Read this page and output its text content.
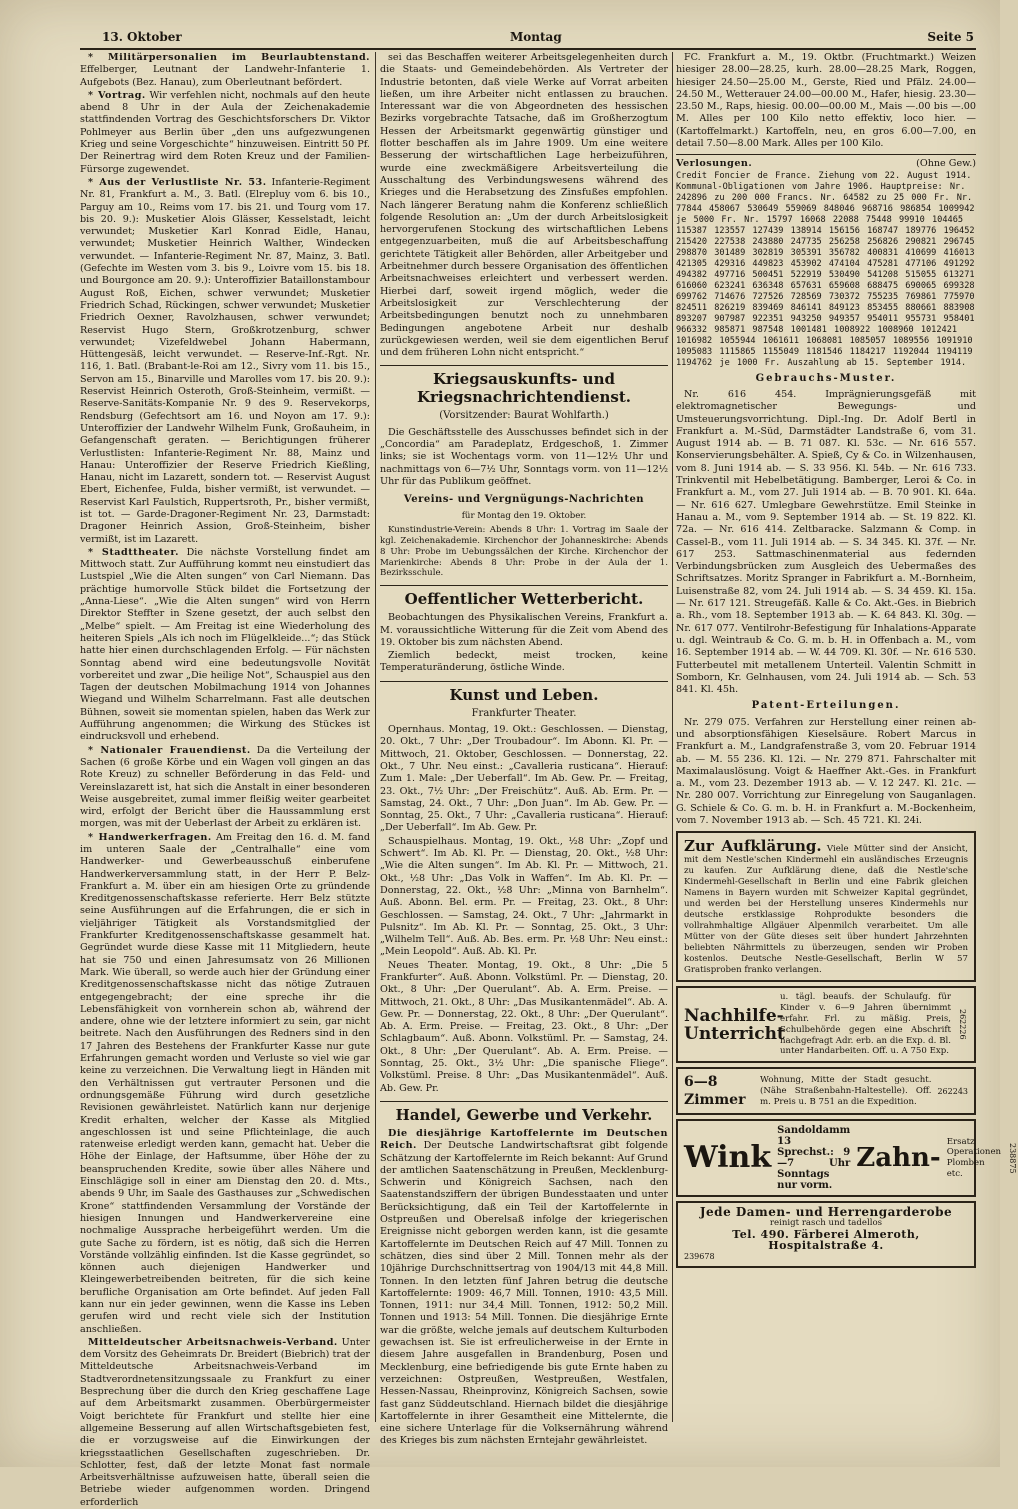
13. Oktober	Montag	Seite 5

* Militärpersonalien im Beurlaubtenstand. Effelberger, Leutnant der Landwehr-Infanterie 1. Aufgebots (Bez. Hanau), zum Oberleutnant befördert.

* Vortrag. Wir verfehlen nicht, nochmals auf den heute abend 8 Uhr in der Aula der Zeichenakademie stattfindenden Vortrag des Geschichtsforschers Dr. Viktor Pohlmeyer aus Berlin über „den uns aufgezwungenen Krieg und seine Vorgeschichte“ hinzuweisen. Eintritt 50 Pf. Der Reinertrag wird dem Roten Kreuz und der Familien-Fürsorge zugewendet.

* Aus der Verlustliste Nr. 53. Infanterie-Regiment Nr. 81, Frankfurt a. M., 3. Batl. (Elrepluy vom 6. bis 10., Parguy am 10., Reims vom 17. bis 21. und Tourg vom 17. bis 20. 9.): Musketier Alois Glässer, Kesselstadt, leicht verwundet; Musketier Karl Konrad Eidle, Hanau, verwundet; Musketier Heinrich Walther, Windecken verwundet. — Infanterie-Regiment Nr. 87, Mainz, 3. Batl. (Gefechte im Westen vom 3. bis 9., Loivre vom 15. bis 18. und Bourgonce am 20. 9.): Unteroffizier Bataillonstambour August Roß, Eichen, schwer verwundet; Musketier Friedrich Schad, Rückingen, schwer verwundet; Musketier Friedrich Oexner, Ravolzhausen, schwer verwundet; Reservist Hugo Stern, Großkrotzenburg, schwer verwundet; Vizefeldwebel Johann Habermann, Hüttengesäß, leicht verwundet. — Reserve-Inf.-Rgt. Nr. 116, 1. Batl. (Brabant-le-Roi am 12., Sivry vom 11. bis 15., Servon am 15., Binarville und Marolles vom 17. bis 20. 9.): Reservist Heinrich Osteroth, Groß-Steinheim, vermißt. — Reserve-Sanitäts-Kompanie Nr. 9 des 9. Reservekorps, Rendsburg (Gefechtsort am 16. und Noyon am 17. 9.): Unteroffizier der Landwehr Wilhelm Funk, Großauheim, in Gefangenschaft geraten. — Berichtigungen früherer Verlustlisten: Infanterie-Regiment Nr. 88, Mainz und Hanau: Unteroffizier der Reserve Friedrich Kießling, Hanau, nicht im Lazarett, sondern tot. — Reservist August Ebert, Eichenfee, Fulda, bisher vermißt, ist verwundet. — Reservist Karl Faulstich, Ruppertsroth, Pr., bisher vermißt, ist tot. — Garde-Dragoner-Regiment Nr. 23, Darmstadt: Dragoner Heinrich Assion, Groß-Steinheim, bisher vermißt, ist im Lazarett.

* Stadttheater. Die nächste Vorstellung findet am Mittwoch statt. Zur Aufführung kommt neu einstudiert das Lustspiel „Wie die Alten sungen“ von Carl Niemann. Das prächtige humorvolle Stück bildet die Fortsetzung der „Anna-Liese“. „Wie die Alten sungen“ wird von Herrn Direktor Steffter in Szene gesetzt, der auch selbst den „Melbe“ spielt. — Am Freitag ist eine Wiederholung des heiteren Spiels „Als ich noch im Flügelkleide...“; das Stück hatte hier einen durchschlagenden Erfolg. — Für nächsten Sonntag abend wird eine bedeutungsvolle Novität vorbereitet und zwar „Die heilige Not“, Schauspiel aus den Tagen der deutschen Mobilmachung 1914 von Johannes Wiegand und Wilhelm Scharrelmann. Fast alle deutschen Bühnen, soweit sie momentan spielen, haben das Werk zur Aufführung angenommen; die Wirkung des Stückes ist eindrucksvoll und erhebend.

* Nationaler Frauendienst. Da die Verteilung der Sachen (6 große Körbe und ein Wagen voll gingen an das Rote Kreuz) zu schneller Beförderung in das Feld- und Vereinslazarett ist, hat sich die Anstalt in einer besonderen Weise ausgebreitet, zumal immer fleißig weiter gearbeitet wird, erfolgt der Bericht über die Haussammlung erst morgen, was mit der Ueberlast der Arbeit zu erklären ist.

* Handwerkerfragen. Am Freitag den 16. d. M. fand im unteren Saale der „Centralhalle“ eine vom Handwerker- und Gewerbeausschuß einberufene Handwerkerversammlung statt, in der Herr P. Belz-Frankfurt a. M. über ein am hiesigen Orte zu gründende Kreditgenossenschaftskasse referierte. Herr Belz stützte seine Ausführungen auf die Erfahrungen, die er sich in vieljähriger Tätigkeit als Vorstandsmitglied der Frankfurter Kreditgenossenschaftskasse gesammelt hat. Gegründet wurde diese Kasse mit 11 Mitgliedern, heute hat sie 750 und einen Jahresumsatz von 26 Millionen Mark. Wie überall, so werde auch hier der Gründung einer Kreditgenossenschaftskasse nicht das nötige Zutrauen entgegengebracht; der eine spreche ihr die Lebensfähigkeit von vornherein schon ab, während der andere, ohne wie der letztere informiert zu sein, gar nicht beitrete. Nach den Ausführungen des Redners sind in den 17 Jahren des Bestehens der Frankfurter Kasse nur gute Erfahrungen gemacht worden und Verluste so viel wie gar keine zu verzeichnen. Die Verwaltung liegt in Händen mit den Verhältnissen gut vertrauter Personen und die ordnungsgemäße Führung wird durch gesetzliche Revisionen gewährleistet. Natürlich kann nur derjenige Kredit erhalten, welcher der Kasse als Mitglied angeschlossen ist und seine Pflichteinlage, die auch ratenweise erledigt werden kann, gemacht hat. Ueber die Höhe der Einlage, der Haftsumme, über Höhe der zu beanspruchenden Kredite, sowie über alles Nähere und Einschlägige soll in einer am Dienstag den 20. d. Mts., abends 9 Uhr, im Saale des Gasthauses zur „Schwedischen Krone“ stattfindenden Versammlung der Vorstände der hiesigen Innungen und Handwerkervereine eine nochmalige Aussprache herbeigeführt werden. Um die gute Sache zu fördern, ist es nötig, daß sich die Herren Vorstände vollzählig einfinden. Ist die Kasse gegründet, so können auch diejenigen Handwerker und Kleingewerbetreibenden beitreten, für die sich keine berufliche Organisation am Orte befindet. Auf jeden Fall kann nur ein jeder gewinnen, wenn die Kasse ins Leben gerufen wird und recht viele sich der Institution anschließen.

Mitteldeutscher Arbeitsnachweis-Verband. Unter dem Vorsitz des Geheimrats Dr. Breidert (Biebrich) trat der Mitteldeutsche Arbeitsnachweis-Verband im Stadtverordnetensitzungssaale zu Frankfurt zu einer Besprechung über die durch den Krieg geschaffene Lage auf dem Arbeitsmarkt zusammen. Oberbürgermeister Voigt berichtete für Frankfurt und stellte hier eine allgemeine Besserung auf allen Wirtschaftsgebieten fest, die er vorzugsweise auf die Einwirkungen der kriegsstaatlichen Gesellschaften zugeschrieben. Dr. Schlotter, fest, daß der letzte Monat fast normale Arbeitsverhältnisse aufzuweisen hatte, überall seien die Betriebe wieder aufgenommen worden. Dringend erforderlich

sei das Beschaffen weiterer Arbeitsgelegenheiten durch die Staats- und Gemeindebehörden. Als Vertreter der Industrie betonten, daß viele Werke auf Vorrat arbeiten ließen, um ihre Arbeiter nicht entlassen zu brauchen. Interessant war die von Abgeordneten des hessischen Bezirks vorgebrachte Tatsache, daß im Großherzogtum Hessen der Arbeitsmarkt gegenwärtig günstiger und flotter beschaffen als im Jahre 1909. Um eine weitere Besserung der wirtschaftlichen Lage herbeizuführen, wurde eine zweckmäßigere Arbeitsverteilung die Ausschaltung des Verbindungswesens während des Krieges und die Herabsetzung des Zinsfußes empfohlen. Nach längerer Beratung nahm die Konferenz schließlich folgende Resolution an: „Um der durch Arbeitslosigkeit hervorgerufenen Stockung des wirtschaftlichen Lebens entgegenzuarbeiten, muß die auf Arbeitsbeschaffung gerichtete Tätigkeit aller Behörden, aller Arbeitgeber und Arbeitnehmer durch bessere Organisation des öffentlichen Arbeitsnachweises erleichtert und verbessert werden. Hierbei darf, soweit irgend möglich, weder die Arbeitslosigkeit zur Verschlechterung der Arbeitsbedingungen benutzt noch zu unnehmbaren Bedingungen angebotene Arbeit nur deshalb zurückgewiesen werden, weil sie dem eigentlichen Beruf und dem früheren Lohn nicht entspricht.“

Kriegsauskunfts- und Kriegsnachrichtendienst.
(Vorsitzender: Baurat Wohlfarth.)

Die Geschäftsstelle des Ausschusses befindet sich in der „Concordia“ am Paradeplatz, Erdgeschoß, 1. Zimmer links; sie ist Wochentags vorm. von 11—12½ Uhr und nachmittags von 6—7½ Uhr, Sonntags vorm. von 11—12½ Uhr für das Publikum geöffnet.

Vereins- und Vergnügungs-Nachrichten
für Montag den 19. Oktober.

Kunstindustrie-Verein: Abends 8 Uhr: 1. Vortrag im Saale der kgl. Zeichenakademie. Kirchenchor der Johanneskirche: Abends 8 Uhr: Probe im Uebungssälchen der Kirche. Kirchenchor der Marienkirche: Abends 8 Uhr: Probe in der Aula der 1. Bezirksschule.

Oeffentlicher Wetterbericht.

Beobachtungen des Physikalischen Vereins, Frankfurt a. M. voraussichtliche Witterung für die Zeit vom Abend des 19. Oktober bis zum nächsten Abend.

Ziemlich bedeckt, meist trocken, keine Temperaturänderung, östliche Winde.

Kunst und Leben.
Frankfurter Theater.

Opernhaus. Montag, 19. Okt.: Geschlossen. — Dienstag, 20. Okt., 7 Uhr: „Der Troubadour“. Im Abonn. Kl. Pr. — Mittwoch, 21. Oktober, Geschlossen. — Donnerstag, 22. Okt., 7 Uhr. Neu einst.: „Cavalleria rusticana“. Hierauf: Zum 1. Male: „Der Ueberfall“. Im Ab. Gew. Pr. — Freitag, 23. Okt., 7½ Uhr: „Der Freischütz“. Auß. Ab. Erm. Pr. — Samstag, 24. Okt., 7 Uhr: „Don Juan“. Im Ab. Gew. Pr. — Sonntag, 25. Okt., 7 Uhr: „Cavalleria rusticana“. Hierauf: „Der Ueberfall“. Im Ab. Gew. Pr.

Schauspielhaus. Montag, 19. Okt., ½8 Uhr: „Zopf und Schwert“. Im Ab. Kl. Pr. — Dienstag, 20. Okt., ½8 Uhr: „Wie die Alten sungen“. Im Ab. Kl. Pr. — Mittwoch, 21. Okt., ½8 Uhr: „Das Volk in Waffen“. Im Ab. Kl. Pr. — Donnerstag, 22. Okt., ½8 Uhr: „Minna von Barnhelm“. Auß. Abonn. Bel. erm. Pr. — Freitag, 23. Okt., 8 Uhr: Geschlossen. — Samstag, 24. Okt., 7 Uhr: „Jahrmarkt in Pulsnitz“. Im Ab. Kl. Pr. — Sonntag, 25. Okt., 3 Uhr: „Wilhelm Tell“. Auß. Ab. Bes. erm. Pr. ½8 Uhr: Neu einst.: „Mein Leopold“. Auß. Ab. Kl. Pr.

Neues Theater. Montag, 19. Okt., 8 Uhr: „Die 5 Frankfurter“. Auß. Abonn. Volkstüml. Pr. — Dienstag, 20. Okt., 8 Uhr: „Der Querulant“. Ab. A. Erm. Preise. — Mittwoch, 21. Okt., 8 Uhr: „Das Musikantenmädel“. Ab. A. Gew. Pr. — Donnerstag, 22. Okt., 8 Uhr: „Der Querulant“. Ab. A. Erm. Preise. — Freitag, 23. Okt., 8 Uhr: „Der Schlagbaum“. Auß. Abonn. Volkstüml. Pr. — Samstag, 24. Okt., 8 Uhr: „Der Querulant“. Ab. A. Erm. Preise. — Sonntag, 25. Okt., 3½ Uhr: „Die spanische Fliege“. Volkstüml. Preise. 8 Uhr: „Das Musikantenmädel“. Auß. Ab. Gew. Pr.

Handel, Gewerbe und Verkehr.

Die diesjährige Kartoffelernte im Deutschen Reich. Der Deutsche Landwirtschaftsrat gibt folgende Schätzung der Kartoffelernte im Reich bekannt: Auf Grund der amtlichen Saatenschätzung in Preußen, Mecklenburg-Schwerin und Königreich Sachsen, nach den Saatenstandsziffern der übrigen Bundesstaaten und unter Berücksichtigung, daß ein Teil der Kartoffelernte in Ostpreußen und Oberelsaß infolge der kriegerischen Ereignisse nicht geborgen werden kann, ist die gesamte Kartoffelernte im Deutschen Reich auf 47 Mill. Tonnen zu schätzen, dies sind über 2 Mill. Tonnen mehr als der 10jährige Durchschnittsertrag von 1904/13 mit 44,8 Mill. Tonnen. In den letzten fünf Jahren betrug die deutsche Kartoffelernte: 1909: 46,7 Mill. Tonnen, 1910: 43,5 Mill. Tonnen, 1911: nur 34,4 Mill. Tonnen, 1912: 50,2 Mill. Tonnen und 1913: 54 Mill. Tonnen. Die diesjährige Ernte war die größte, welche jemals auf deutschem Kulturboden gewachsen ist. Sie ist erfreulicherweise in der Ernte in diesem Jahre ausgefallen in Brandenburg, Posen und Mecklenburg, eine befriedigende bis gute Ernte haben zu verzeichnen: Ostpreußen, Westpreußen, Westfalen, Hessen-Nassau, Rheinprovinz, Königreich Sachsen, sowie fast ganz Süddeutschland. Hiernach bildet die diesjährige Kartoffelernte in ihrer Gesamtheit eine Mittelernte, die eine sichere Unterlage für die Volksernährung während des Krieges bis zum nächsten Erntejahr gewährleistet.

FC. Frankfurt a. M., 19. Oktbr. (Fruchtmarkt.) Weizen hiesiger 28.00—28.25, kurh. 28.00—28.25 Mark, Roggen, hiesiger 24.50—25.00 M., Gerste, Ried und Pfälz. 24.00—24.50 M., Wetterauer 24.00—00.00 M., Hafer, hiesig. 23.30—23.50 M., Raps, hiesig. 00.00—00.00 M., Mais —.00 bis —.00 M. Alles per 100 Kilo netto effektiv, loco hier. — (Kartoffelmarkt.) Kartoffeln, neu, en gros 6.00—7.00, en detail 7.50—8.00 Mark. Alles per 100 Kilo.

Verlosungen.	(Ohne Gew.)

Credit Foncier de France. Ziehung vom 22. August 1914. Kommunal-Obligationen vom Jahre 1906. Hauptpreise: Nr. 242896 zu 200 000 Francs. Nr. 64582 zu 25 000 Fr. Nr. 77844 458067 530649 559069 848046 968716 986854 1009942 je 5000 Fr. Nr. 15797 16068 22088 75448 99910 104465 115387 123557 127439 138914 156156 168747 189776 196452 215420 227538 243880 247735 256258 256826 290821 296745 298870 301489 302819 305391 356782 400831 410699 416013 421305 429316 449823 453902 474104 475281 477106 491292 494382 497716 500451 522919 530490 541208 515055 613271 616060 623241 636348 657631 659608 688475 690065 699328 699762 714676 727526 728569 730372 755235 769861 775970 824511 826219 839469 846141 849123 853455 880661 883908 893207 907987 922351 943250 949357 954011 955731 958401 966332 985871 987548 1001481 1008922 1008960 1012421 1016982 1055944 1061611 1068081 1085057 1089556 1091910 1095083 1115865 1155049 1181546 1184217 1192044 1194119 1194762 je 1000 Fr. Auszahlung ab 15. September 1914.

Gebrauchs-Muster.

Nr. 616 454. Imprägnierungsgefäß mit elektromagnetischer Bewegungs- und Umsteuerungsvorrichtung. Dipl.-Ing. Dr. Adolf Bertl in Frankfurt a. M.-Süd, Darmstädter Landstraße 6, vom 31. August 1914 ab. — B. 71 087. Kl. 53c. — Nr. 616 557. Konservierungsbehälter. A. Spieß, Cy & Co. in Wilzenhausen, vom 8. Juni 1914 ab. — S. 33 956. Kl. 54b. — Nr. 616 733. Trinkventil mit Hebelbetätigung. Bamberger, Leroi & Co. in Frankfurt a. M., vom 27. Juli 1914 ab. — B. 70 901. Kl. 64a. — Nr. 616 627. Umlegbare Gewehrstütze. Emil Steinke in Hanau a. M., vom 9. September 1914 ab. — St. 19 822. Kl. 72a. — Nr. 616 414. Zeltbaracke. Salzmann & Comp. in Cassel-B., vom 11. Juli 1914 ab. — S. 34 345. Kl. 37f. — Nr. 617 253. Sattmaschinenmaterial aus federnden Verbindungsbrücken zum Ausgleich des Uebermaßes des Schriftsatzes. Moritz Spranger in Fabrikfurt a. M.-Bornheim, Luisenstraße 82, vom 24. Juli 1914 ab. — S. 34 459. Kl. 15a. — Nr. 617 121. Streugefäß. Kalle & Co. Akt.-Ges. in Biebrich a. Rh., vom 18. September 1913 ab. — K. 64 843. Kl. 30g. — Nr. 617 077. Ventilrohr-Befestigung für Inhalations-Apparate u. dgl. Weintraub & Co. G. m. b. H. in Offenbach a. M., vom 16. September 1914 ab. — W. 44 709. Kl. 30f. — Nr. 616 530. Futterbeutel mit metallenem Unterteil. Valentin Schmitt in Somborn, Kr. Gelnhausen, vom 24. Juli 1914 ab. — Sch. 53 841. Kl. 45h.

Patent-Erteilungen.

Nr. 279 075. Verfahren zur Herstellung einer reinen ab- und absorptionsfähigen Kieselsäure. Robert Marcus in Frankfurt a. M., Landgrafenstraße 3, vom 20. Februar 1914 ab. — M. 55 236. Kl. 12i. — Nr. 279 871. Fahrschalter mit Maximalauslösung. Voigt & Haeffner Akt.-Ges. in Frankfurt a. M., vom 23. Dezember 1913 ab. — V. 12 247. Kl. 21c. — Nr. 280 007. Vorrichtung zur Einregelung von Sauganlagen. G. Schiele & Co. G. m. b. H. in Frankfurt a. M.-Bockenheim, vom 7. November 1913 ab. — Sch. 45 721. Kl. 24i.

Zur Aufklärung. Viele Mütter sind der Ansicht, mit dem Nestle'schen Kindermehl ein ausländisches Erzeugnis zu kaufen. Zur Aufklärung diene, daß die Nestle'sche Kindermehl-Gesellschaft in Berlin und eine Fabrik gleichen Namens in Bayern wurden mit Schweizer Kapital gegründet, und werden bei der Herstellung unseres Kindermehls nur deutsche erstklassige Rohprodukte besonders die vollrahmhaltige Allgäuer Alpenmilch verarbeitet. Um alle Mütter von der Güte dieses seit über hundert Jahrzehnten beliebten Nährmittels zu überzeugen, senden wir Proben kostenlos. Deutsche Nestle-Gesellschaft, Berlin W 57 Gratisproben franko verlangen.
Nachhilfe-Unterricht
u. tägl. beaufs. der Schulaufg. für Kinder v. 6—9 Jahren übernimmt erfahr. Frl. zu mäßig. Preis, Schulbehörde gegen eine Abschrift nachgefragt Adr. erb. an die Exp. d. Bl. unter Handarbeiten. Off. u. A 750 Exp.
262226
6—8 Zimmer
Wohnung, Mitte der Stadt gesucht. (Nähe Straßenbahn-Haltestelle). Off. m. Preis u. B 751 an die Expedition.
262243
Wink
Sandoldamm 13 Sprechst.: 9—7 Uhr Sonntags nur vorm.
Zahn-
Ersatz Operationen Plomben etc.
238875
Jede Damen- und Herrengarderobe
reinigt rasch und tadellos
Tel. 490. Färberei Almeroth, Hospitalstraße 4.
239678
